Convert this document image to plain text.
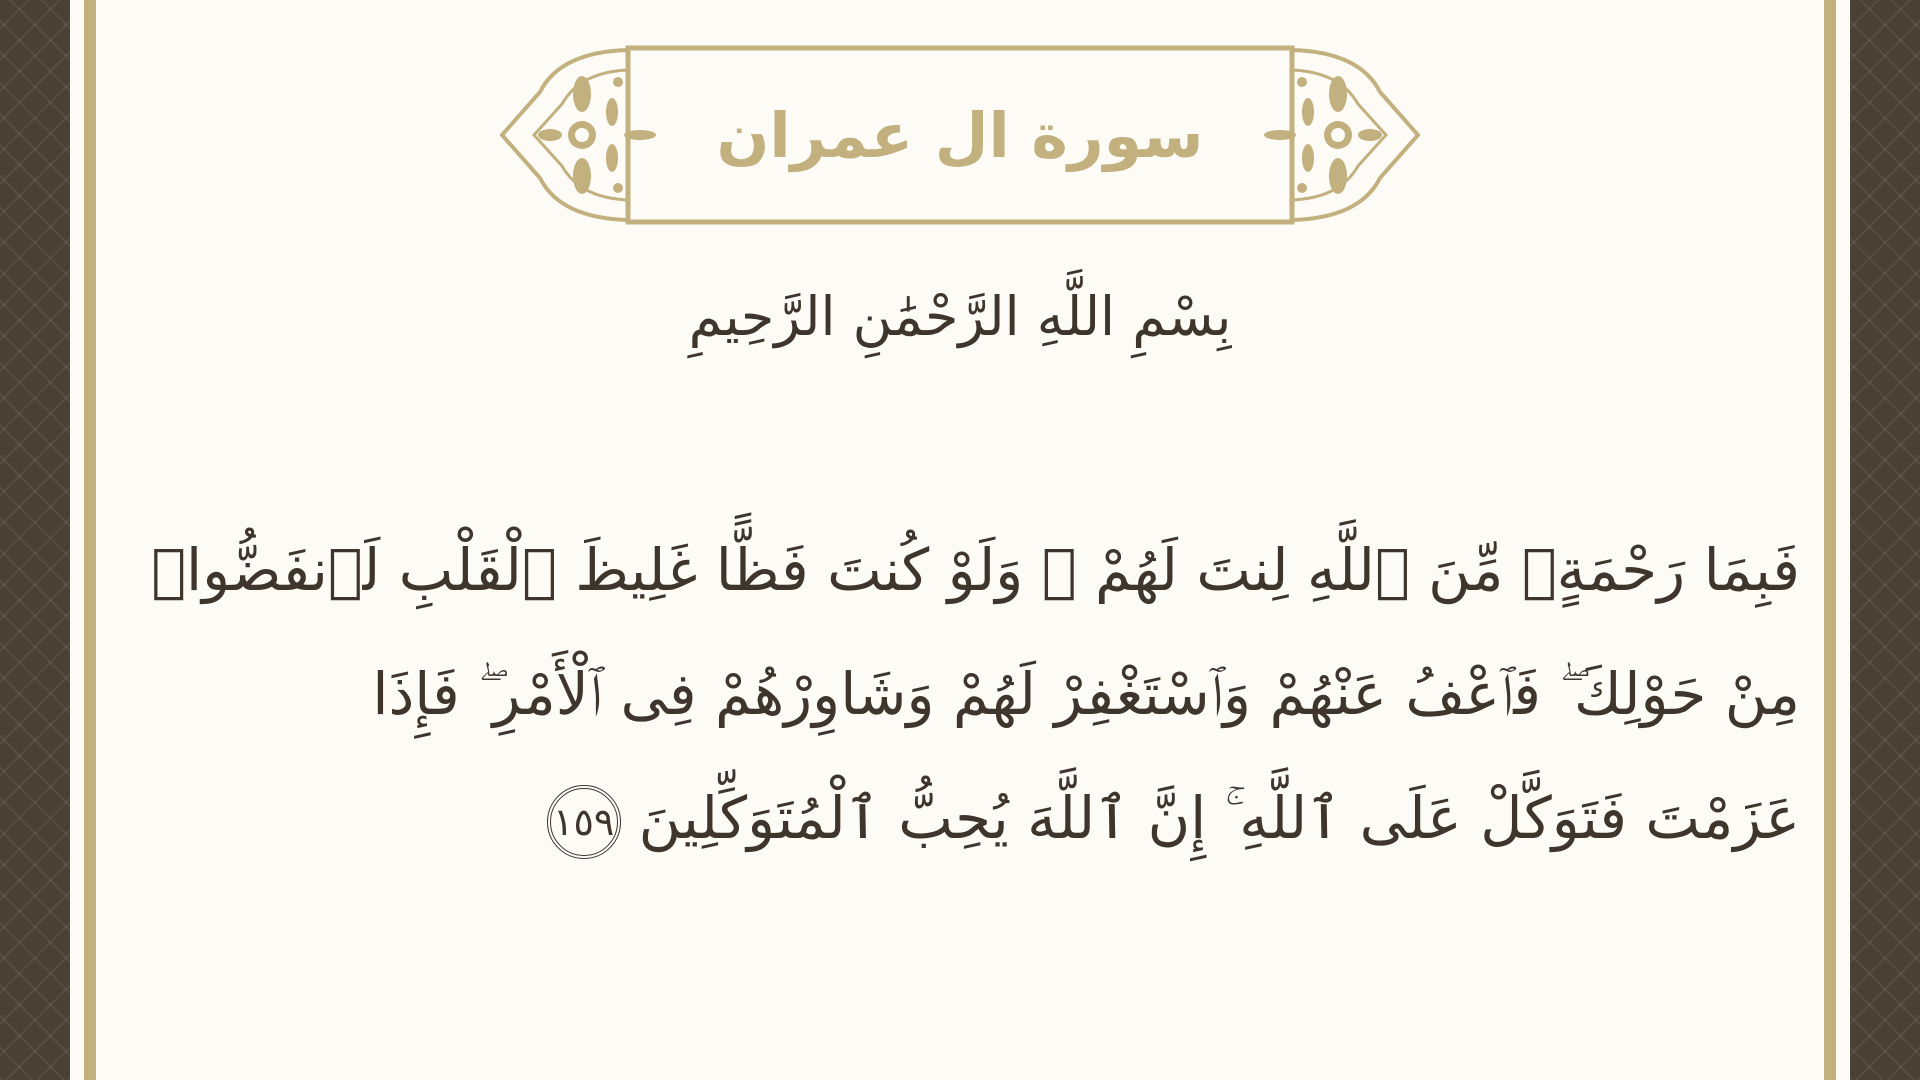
سورة ال عمران
بِسْمِ اللَّهِ الرَّحْمَٰنِ الرَّحِيمِ
فَبِمَا رَحْمَةٍۢ مِّنَ ٱللَّهِ لِنتَ لَهُمْ ۖ وَلَوْ كُنتَ فَظًّا غَلِيظَ ٱلْقَلْبِ لَٱنفَضُّوا۟
مِنْ حَوْلِكَ ۖ فَٱعْفُ عَنْهُمْ وَٱسْتَغْفِرْ لَهُمْ وَشَاوِرْهُمْ فِى ٱلْأَمْرِ ۖ فَإِذَا
عَزَمْتَ فَتَوَكَّلْ عَلَى ٱللَّهِ ۚ إِنَّ ٱللَّهَ يُحِبُّ ٱلْمُتَوَكِّلِينَ١٥٩
